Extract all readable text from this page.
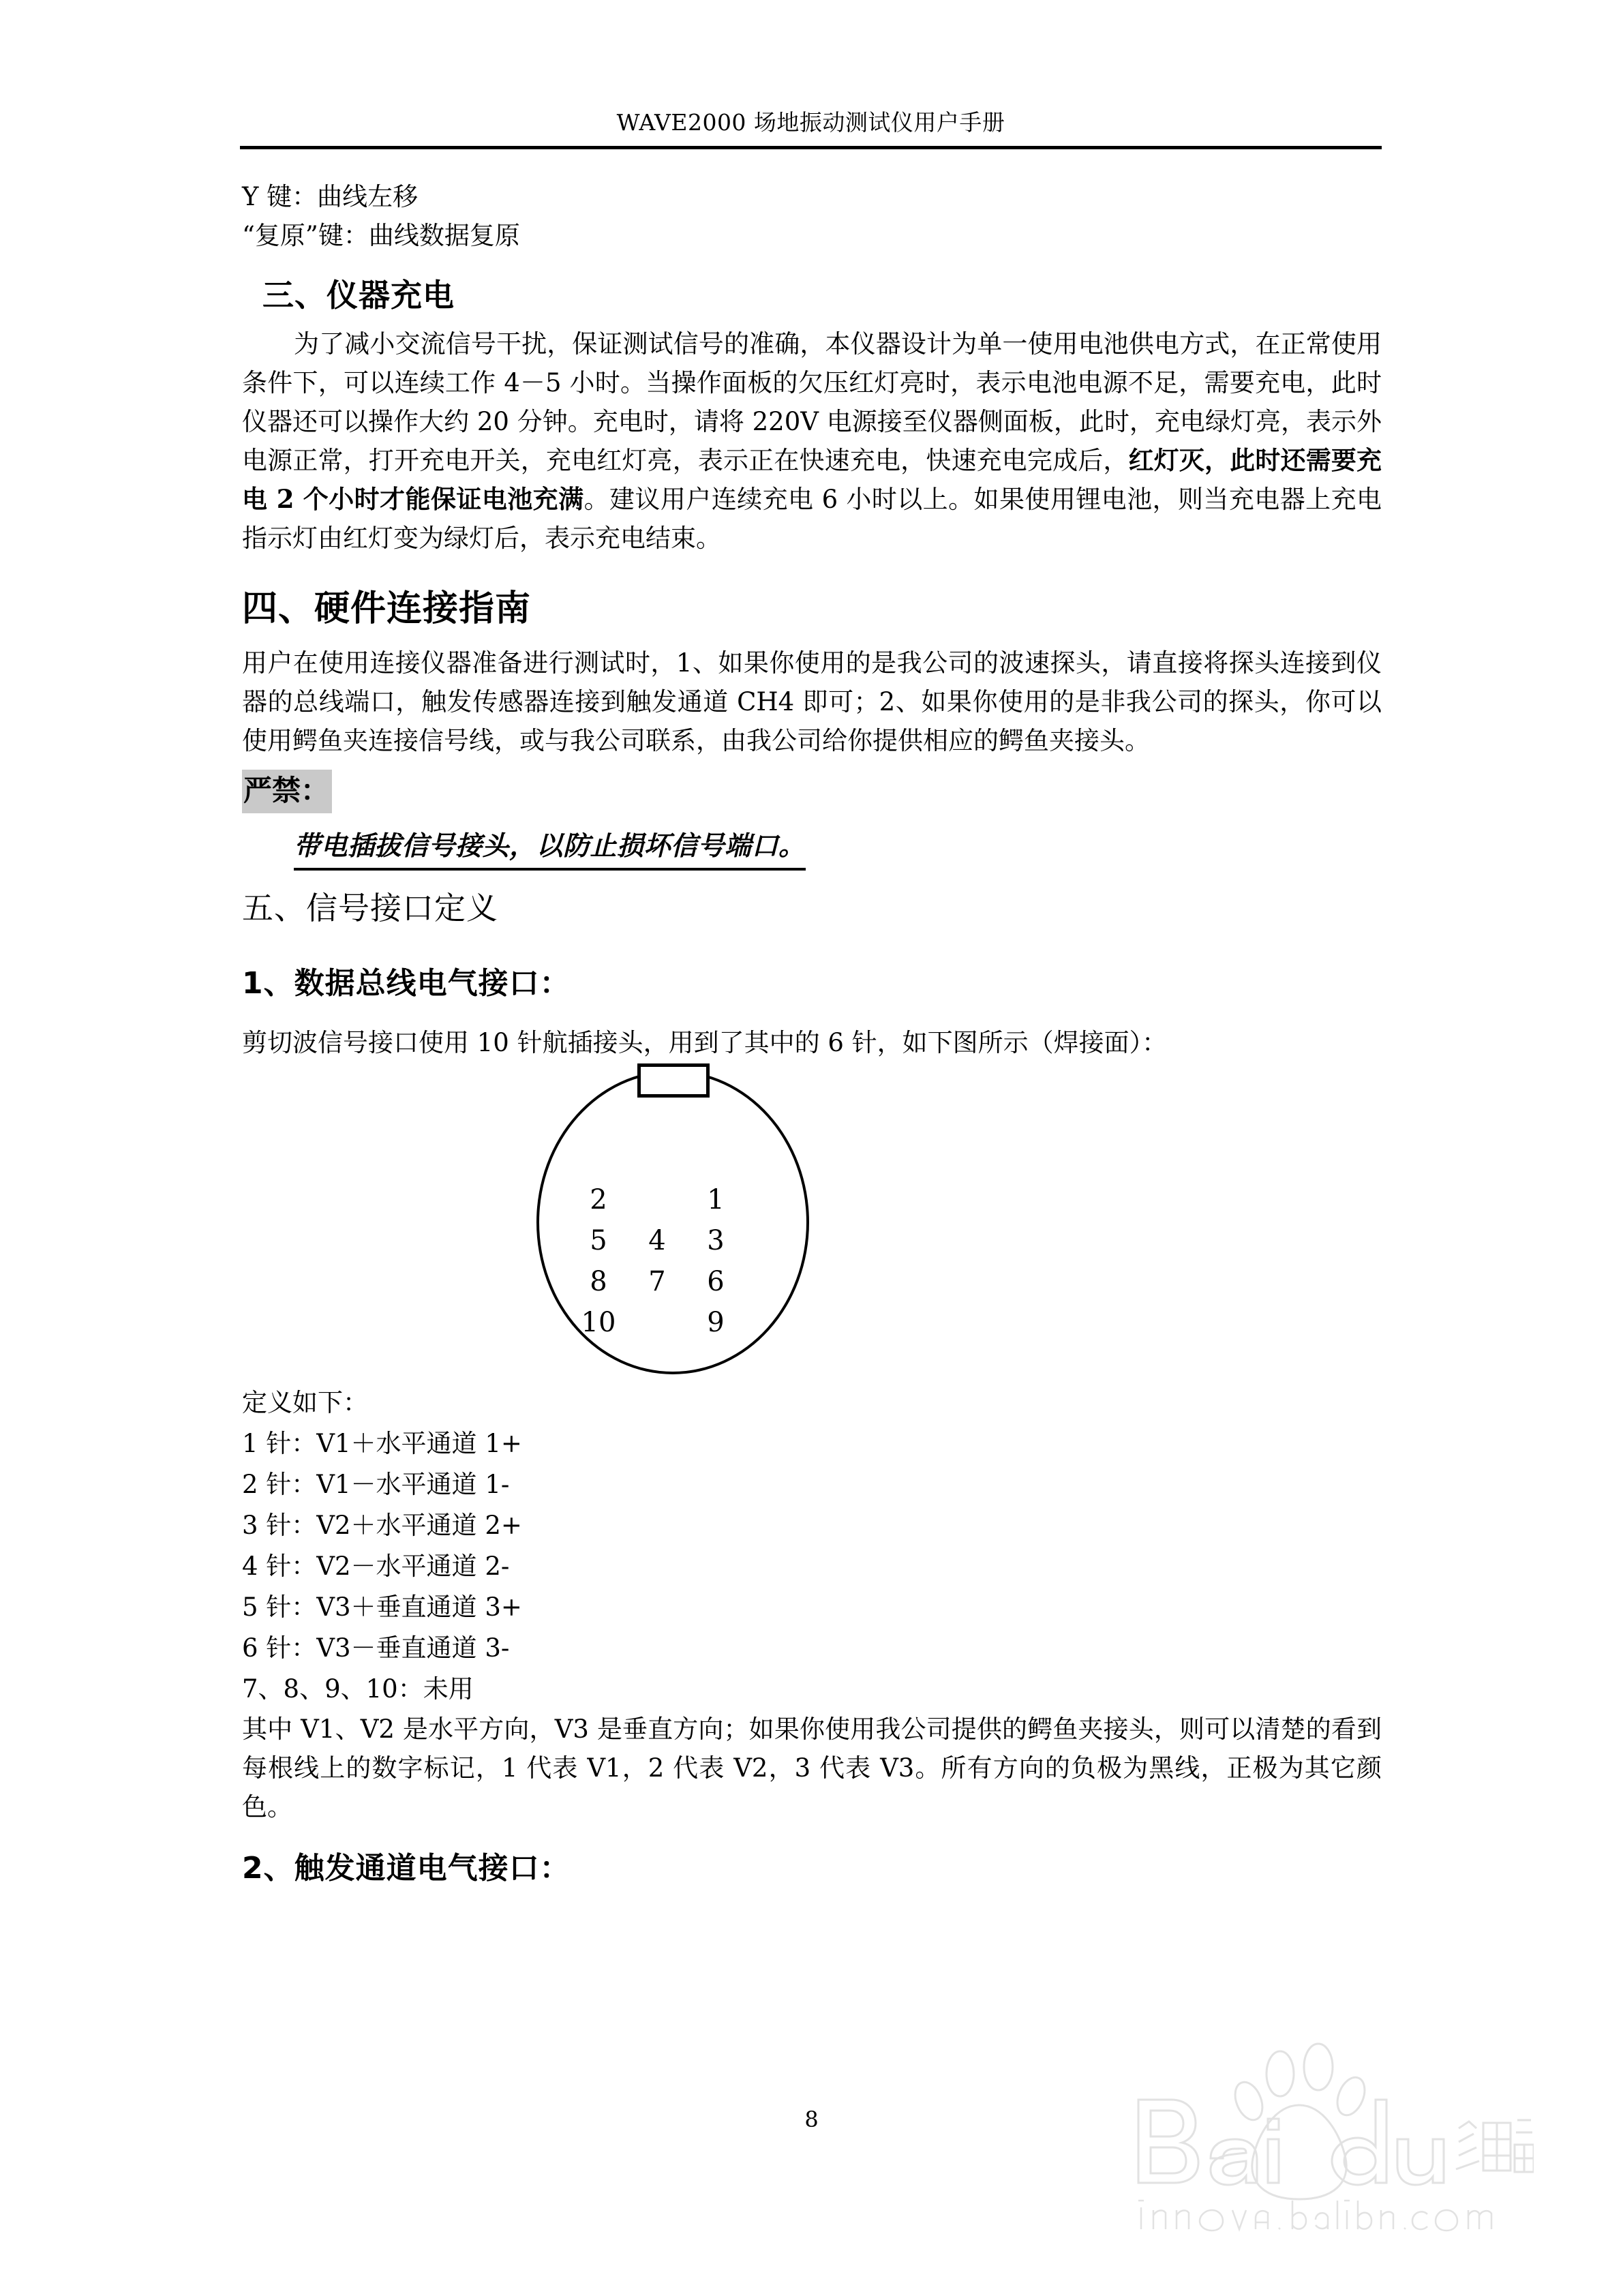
WAVE2000 场地振动测试仪用户手册
Y 键：曲线左移
“复原”键：曲线数据复原
三、仪器充电

为了减小交流信号干扰，保证测试信号的准确，本仪器设计为单一使用电池供电方式，在正常使用条件下，可以连续工作 4－5 小时。当操作面板的欠压红灯亮时，表示电池电源不足，需要充电，此时仪器还可以操作大约 20 分钟。充电时，请将 220V 电源接至仪器侧面板，此时，充电绿灯亮，表示外电源正常，打开充电开关，充电红灯亮，表示正在快速充电，快速充电完成后，红灯灭，此时还需要充电 2 个小时才能保证电池充满。建议用户连续充电 6 小时以上。如果使用锂电池，则当充电器上充电指示灯由红灯变为绿灯后，表示充电结束。

四、硬件连接指南

用户在使用连接仪器准备进行测试时，1、如果你使用的是我公司的波速探头，请直接将探头连接到仪器的总线端口，触发传感器连接到触发通道 CH4 即可；2、如果你使用的是非我公司的探头，你可以使用鳄鱼夹连接信号线，或与我公司联系，由我公司给你提供相应的鳄鱼夹接头。

严禁：
带电插拔信号接头，以防止损坏信号端口。
五、信号接口定义
1、数据总线电气接口：
剪切波信号接口使用 10 针航插接头，用到了其中的 6 针，如下图所示（焊接面）：
2	1
5	4	3
8	7	6
10	9
定义如下：
1 针：V1＋水平通道 1+
2 针：V1－水平通道 1-
3 针：V2＋水平通道 2+
4 针：V2－水平通道 2-
5 针：V3＋垂直通道 3+
6 针：V3－垂直通道 3-
7、8、9、10：未用

其中 V1、V2 是水平方向，V3 是垂直方向；如果你使用我公司提供的鳄鱼夹接头，则可以清楚的看到每根线上的数字标记，1 代表 V1，2 代表 V2，3 代表 V3。所有方向的负极为黑线，正极为其它颜色。

2、触发通道电气接口：
8
